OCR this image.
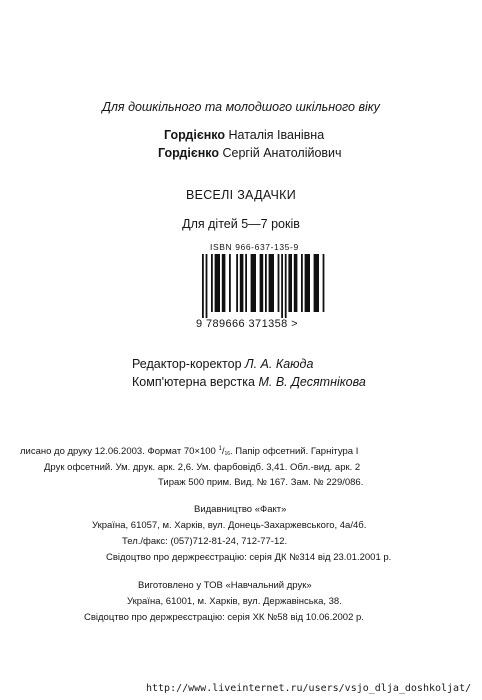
Для дошкільного та молодшого шкільного віку
Гордієнко Наталія Іванівна
Гордієнко Сергій Анатолійович
ВЕСЕЛІ ЗАДАЧКИ
Для дітей 5—7 років
ISBN 966-637-135-9
9 789666 371358 >
Редактор-коректор Л. А. Каюда
Комп'ютерна верстка М. В. Десятнікова
лисано до друку 12.06.2003. Формат 70×100 $^1/_{16}$. Папір офсетний. Гарнітура I
Друк офсетний. Ум. друк. арк. 2,6. Ум. фарбовідб. 3,41. Обл.-вид. арк. 2
Тираж 500 прим. Вид. № 167. Зам. № 229/086.
Видавництво «Факт»
Україна, 61057, м. Харків, вул. Донець-Захаржевського, 4а/4б.
Тел./факс: (057)712-81-24, 712-77-12.
Свідоцтво про держреєстрацію: серія ДК №314 від 23.01.2001 р.
Виготовлено у ТОВ «Навчальний друк»
Україна, 61001, м. Харків, вул. Державінська, 38.
Свідоцтво про держреєстрацію: серія ХК №58 від 10.06.2002 р.
http://www.liveinternet.ru/users/vsjo_dlja_doshkoljat/
